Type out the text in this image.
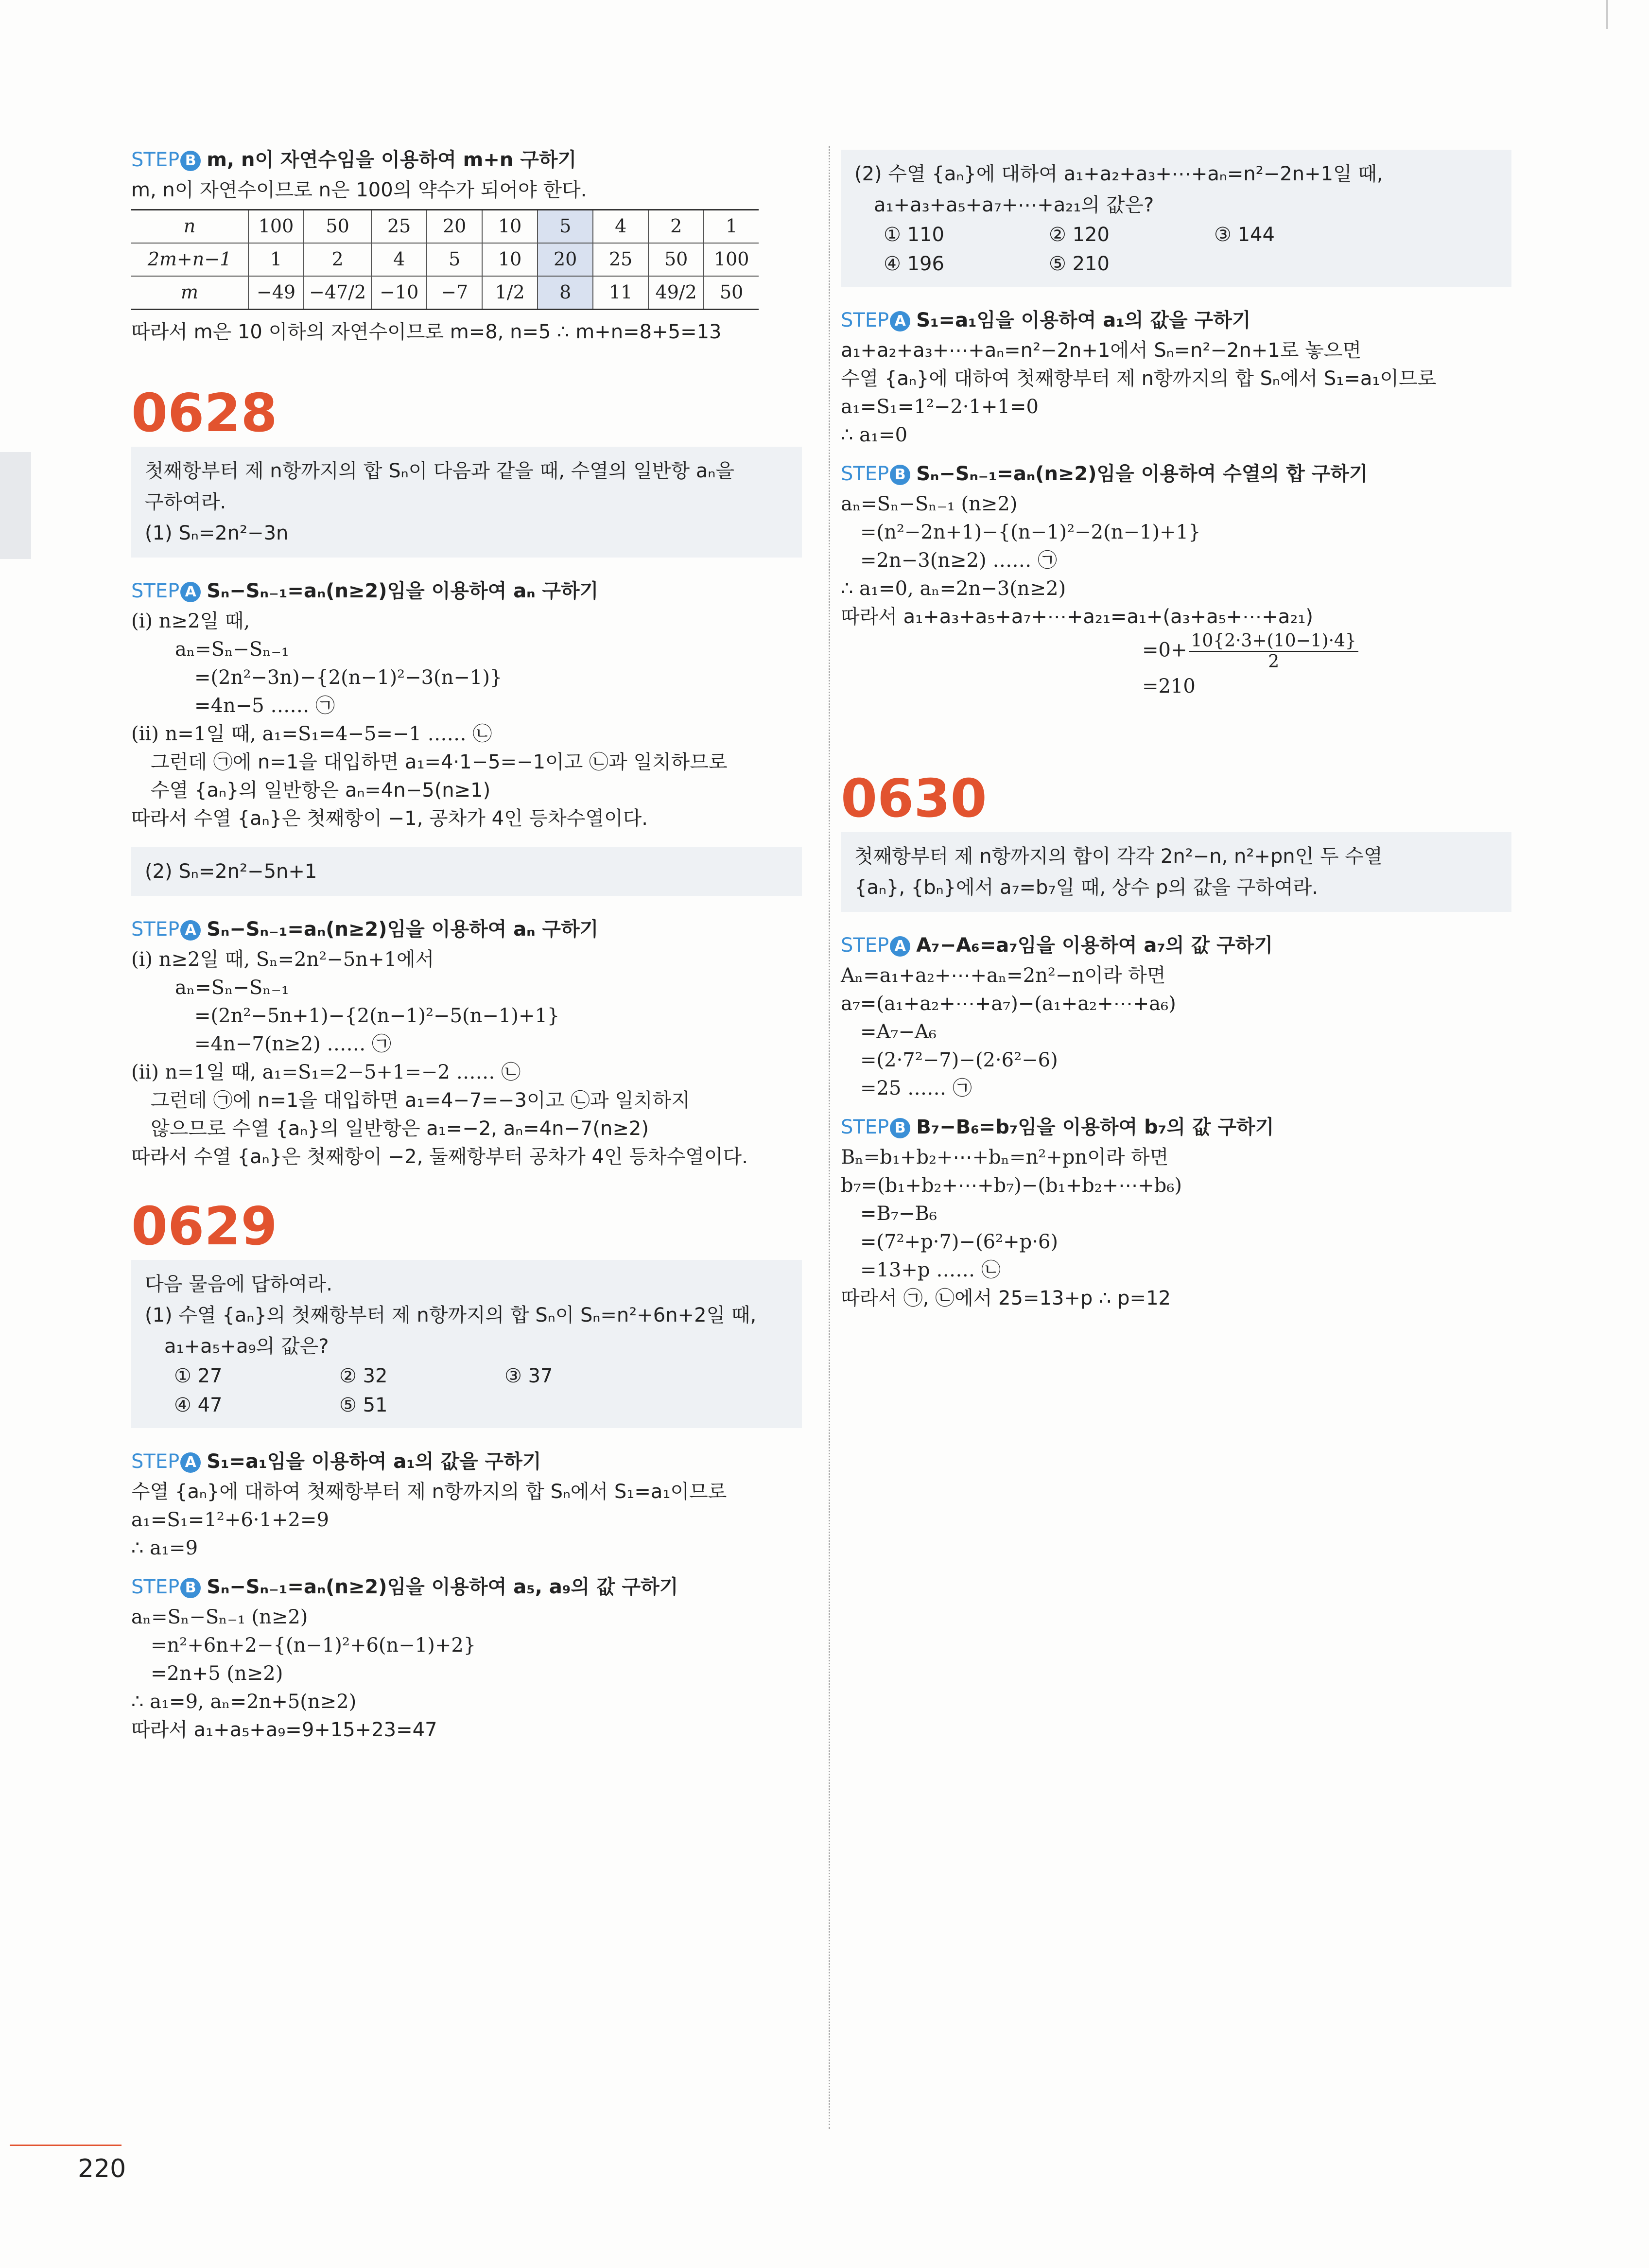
STEP B m, n이 자연수임을 이용하여 m+n 구하기

m, n이 자연수이므로 n은 100의 약수가 되어야 한다.

n	100	50	25	20	10	5	4	2	1
2m+n−1	1	2	4	5	10	20	25	50	100
m	−49	−47/2	−10	−7	1/2	8	11	49/2	50

따라서 m은 10 이하의 자연수이므로 m=8, n=5 ∴ m+n=8+5=13

0628

첫째항부터 제 n항까지의 합 Sₙ이 다음과 같을 때, 수열의 일반항 aₙ을

구하여라.

(1) Sₙ=2n²−3n

STEP A Sₙ−Sₙ₋₁=aₙ(n≥2)임을 이용하여 aₙ 구하기

(ⅰ) n≥2일 때,

aₙ=Sₙ−Sₙ₋₁

=(2n²−3n)−{2(n−1)²−3(n−1)}

=4n−5 …… ㉠

(ⅱ) n=1일 때, a₁=S₁=4−5=−1 …… ㉡

그런데 ㉠에 n=1을 대입하면 a₁=4·1−5=−1이고 ㉡과 일치하므로

수열 {aₙ}의 일반항은 aₙ=4n−5(n≥1)

따라서 수열 {aₙ}은 첫째항이 −1, 공차가 4인 등차수열이다.

(2) Sₙ=2n²−5n+1

STEP A Sₙ−Sₙ₋₁=aₙ(n≥2)임을 이용하여 aₙ 구하기

(ⅰ) n≥2일 때, Sₙ=2n²−5n+1에서

aₙ=Sₙ−Sₙ₋₁

=(2n²−5n+1)−{2(n−1)²−5(n−1)+1}

=4n−7(n≥2) …… ㉠

(ⅱ) n=1일 때, a₁=S₁=2−5+1=−2 …… ㉡

그런데 ㉠에 n=1을 대입하면 a₁=4−7=−3이고 ㉡과 일치하지

않으므로 수열 {aₙ}의 일반항은 a₁=−2, aₙ=4n−7(n≥2)

따라서 수열 {aₙ}은 첫째항이 −2, 둘째항부터 공차가 4인 등차수열이다.

0629

다음 물음에 답하여라.

(1) 수열 {aₙ}의 첫째항부터 제 n항까지의 합 Sₙ이 Sₙ=n²+6n+2일 때,

a₁+a₅+a₉의 값은?

① 27	② 32	③ 37
④ 47	⑤ 51

STEP A S₁=a₁임을 이용하여 a₁의 값을 구하기

수열 {aₙ}에 대하여 첫째항부터 제 n항까지의 합 Sₙ에서 S₁=a₁이므로

a₁=S₁=1²+6·1+2=9

∴ a₁=9

STEP B Sₙ−Sₙ₋₁=aₙ(n≥2)임을 이용하여 a₅, a₉의 값 구하기

aₙ=Sₙ−Sₙ₋₁ (n≥2)

=n²+6n+2−{(n−1)²+6(n−1)+2}

=2n+5 (n≥2)

∴ a₁=9, aₙ=2n+5(n≥2)

따라서 a₁+a₅+a₉=9+15+23=47

(2) 수열 {aₙ}에 대하여 a₁+a₂+a₃+⋯+aₙ=n²−2n+1일 때,

a₁+a₃+a₅+a₇+⋯+a₂₁의 값은?

① 110	② 120	③ 144
④ 196	⑤ 210

STEP A S₁=a₁임을 이용하여 a₁의 값을 구하기

a₁+a₂+a₃+⋯+aₙ=n²−2n+1에서 Sₙ=n²−2n+1로 놓으면

수열 {aₙ}에 대하여 첫째항부터 제 n항까지의 합 Sₙ에서 S₁=a₁이므로

a₁=S₁=1²−2·1+1=0

∴ a₁=0

STEP B Sₙ−Sₙ₋₁=aₙ(n≥2)임을 이용하여 수열의 합 구하기

aₙ=Sₙ−Sₙ₋₁ (n≥2)

=(n²−2n+1)−{(n−1)²−2(n−1)+1}

=2n−3(n≥2) …… ㉠

∴ a₁=0, aₙ=2n−3(n≥2)

따라서 a₁+a₃+a₅+a₇+⋯+a₂₁=a₁+(a₃+a₅+⋯+a₂₁)

$=0+ \frac{10\{2\cdot 3+(10-1)\cdot 4\}}{2}$

=210

0630

첫째항부터 제 n항까지의 합이 각각 2n²−n, n²+pn인 두 수열

{aₙ}, {bₙ}에서 a₇=b₇일 때, 상수 p의 값을 구하여라.

STEP A A₇−A₆=a₇임을 이용하여 a₇의 값 구하기

Aₙ=a₁+a₂+⋯+aₙ=2n²−n이라 하면

a₇=(a₁+a₂+⋯+a₇)−(a₁+a₂+⋯+a₆)

=A₇−A₆

=(2·7²−7)−(2·6²−6)

=25 …… ㉠

STEP B B₇−B₆=b₇임을 이용하여 b₇의 값 구하기

Bₙ=b₁+b₂+⋯+bₙ=n²+pn이라 하면

b₇=(b₁+b₂+⋯+b₇)−(b₁+b₂+⋯+b₆)

=B₇−B₆

=(7²+p·7)−(6²+p·6)

=13+p …… ㉡

따라서 ㉠, ㉡에서 25=13+p ∴ p=12

220
